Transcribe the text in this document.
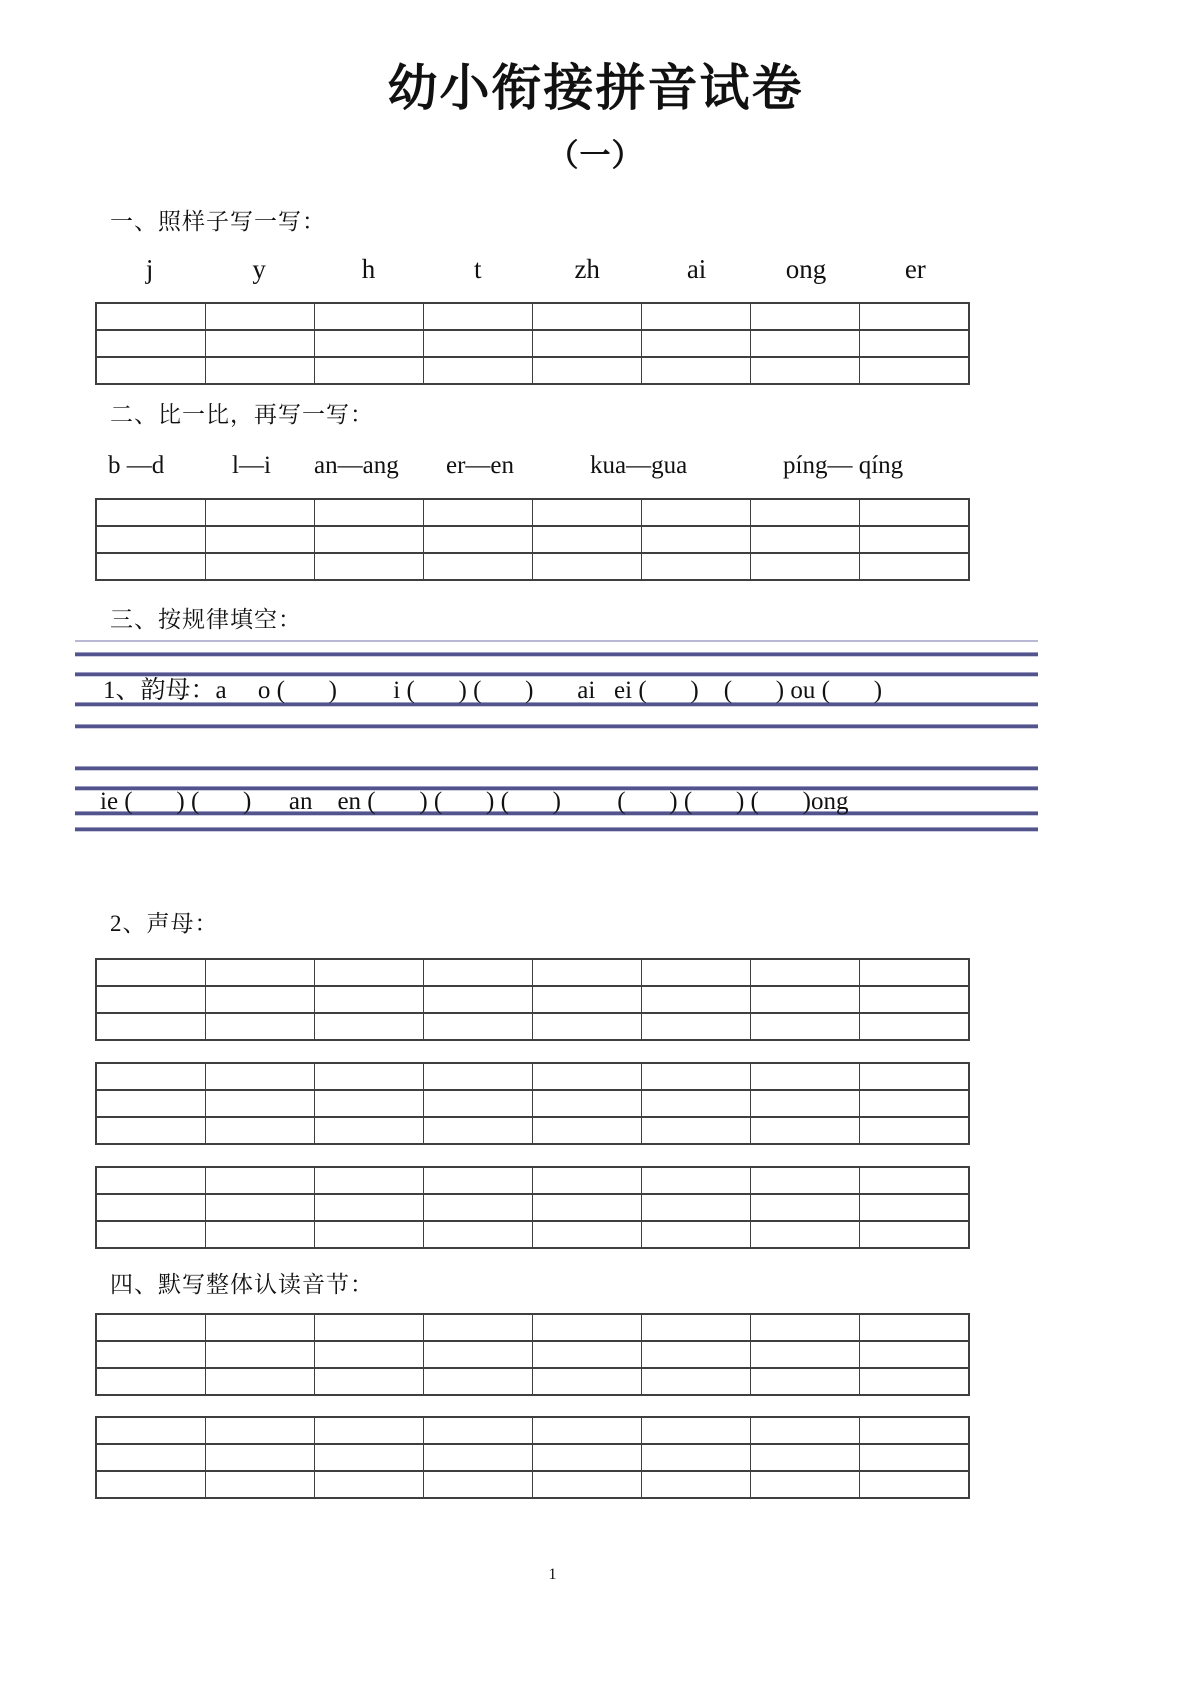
幼小衔接拼音试卷
（一）
一、照样子写一写：
j	y	h	t	zh	ai	ong	er

二、比一比，再写一写：
b —d	l—i an—ang er—en	kua—gua	píng— qíng

三、按规律填空：
1、韵母：a     o (       )         i (       ) (       )       ai   ei (       )    (       ) ou (       )
ie (       ) (       )      an    en (       ) (       ) (       )         (       ) (       ) (       )ong
2、声母：

四、默写整体认读音节：

1
